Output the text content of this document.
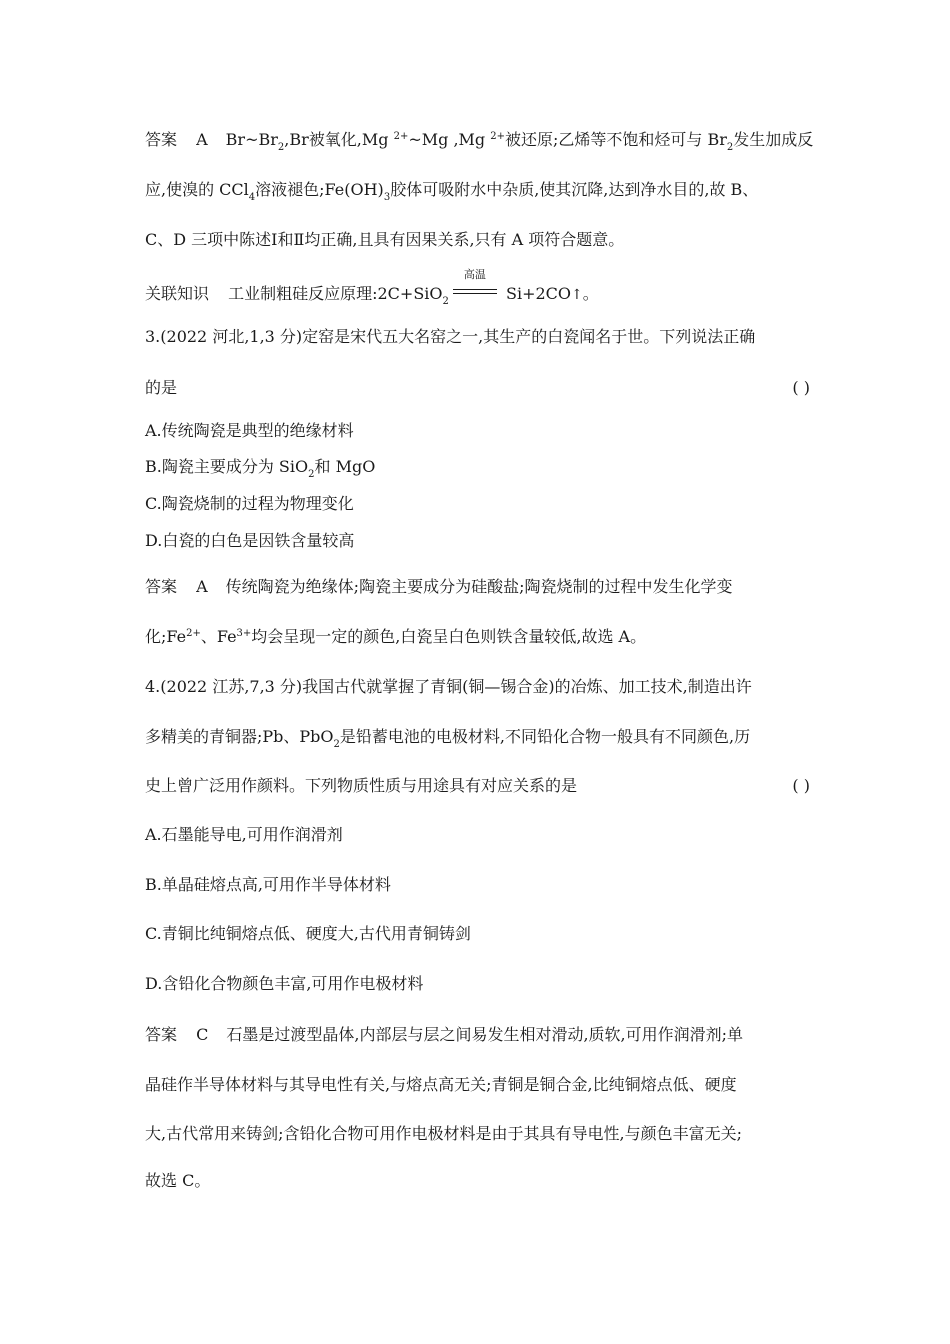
答案 A $Br\sim Br_2,Br$被氧化,Mg $^{2+}$~Mg ,Mg $^{2+}$被还原;乙烯等不饱和烃可与 $Br_2$发生加成反
应,使溴的 CCl$_4$溶液褪色$;Fe(OH)_3$胶体可吸附水中杂质,使其沉降,达到净水目的,故 B、
C、D 三项中陈述Ⅰ和Ⅱ均正确,且具有因果关系,只有 A 项符合题意。
关联知识 工业制粗硅反应原理:2C+SiO$_2$
高温
Si+2CO↑。
3.(2022 河北,1,3 分)定窑是宋代五大名窑之一,其生产的白瓷闻名于世。下列说法正确
的是	( )
A.传统陶瓷是典型的绝缘材料
B.陶瓷主要成分为 SiO$_2$和 MgO
C.陶瓷烧制的过程为物理变化
D.白瓷的白色是因铁含量较高
答案 A 传统陶瓷为绝缘体;陶瓷主要成分为硅酸盐;陶瓷烧制的过程中发生化学变
化$;Fe^{2+}$、$Fe^{3+}$均会呈现一定的颜色,白瓷呈白色则铁含量较低,故选 A。
4.(2022 江苏,7,3 分)我国古代就掌握了青铜(铜—锡合金)的冶炼、加工技术,制造出许
多精美的青铜器;Pb、PbO$_2$是铅蓄电池的电极材料,不同铅化合物一般具有不同颜色,历
史上曾广泛用作颜料。下列物质性质与用途具有对应关系的是	( )
A.石墨能导电,可用作润滑剂
B.单晶硅熔点高,可用作半导体材料
C.青铜比纯铜熔点低、硬度大,古代用青铜铸剑
D.含铅化合物颜色丰富,可用作电极材料
答案 C 石墨是过渡型晶体,内部层与层之间易发生相对滑动,质软,可用作润滑剂;单
晶硅作半导体材料与其导电性有关,与熔点高无关;青铜是铜合金,比纯铜熔点低、硬度
大,古代常用来铸剑;含铅化合物可用作电极材料是由于其具有导电性,与颜色丰富无关;
故选 C。
